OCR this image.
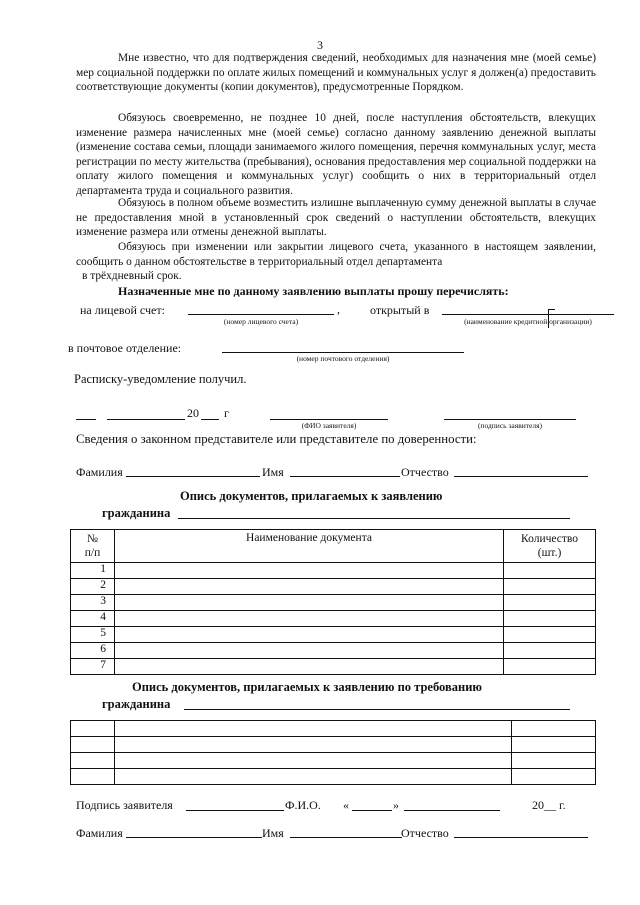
3
Мне известно, что для подтверждения сведений, необходимых для назначения мне (моей семье) мер социальной поддержки по оплате жилых помещений и коммунальных услуг я должен(а) предоставить соответствующие документы (копии документов), предусмотренные Порядком.
Обязуюсь своевременно, не позднее 10 дней, после наступления обстоятельств, влекущих изменение размера начисленных мне (моей семье) согласно данному заявлению денежной выплаты (изменение состава семьи, площади занимаемого жилого помещения, перечня коммунальных услуг, места регистрации по месту жительства (пребывания), основания предоставления мер социальной поддержки на оплату жилого помещения и коммунальных услуг) сообщить о них в территориальный отдел департамента труда и социального развития.
Обязуюсь в полном объеме возместить излишне выплаченную сумму денежной выплаты в случае не предоставления мной в установленный срок сведений о наступлении обстоятельств, влекущих изменение размера или отмены денежной выплаты.
Обязуюсь при изменении или закрытии лицевого счета, указанного в настоящем заявлении, сообщить о данном обстоятельстве в территориальный отдел департамента
в трёхдневный срок.
Назначенные мне по данному заявлению выплаты прошу перечислять:
на лицевой счет:	,	открытый в
(номер лицевого счета)	(наименование кредитной организации)
в почтовое отделение:
(номер почтового отделения)
Расписку-уведомление получил.
20 г
(ФИО заявителя)	(подпись заявителя)
Сведения о законном представителе или представителе по доверенности:
Фамилия	Имя	Отчество
Опись документов, прилагаемых к заявлению
гражданина
№ п/п	Наименование документа	Количество (шт.)
1		
2		
3		
4		
5		
6		
7		
Опись документов, прилагаемых к заявлению по требованию
гражданина

Подпись заявителя	Ф.И.О. «	»	20__ г.
Фамилия	Имя	Отчество
